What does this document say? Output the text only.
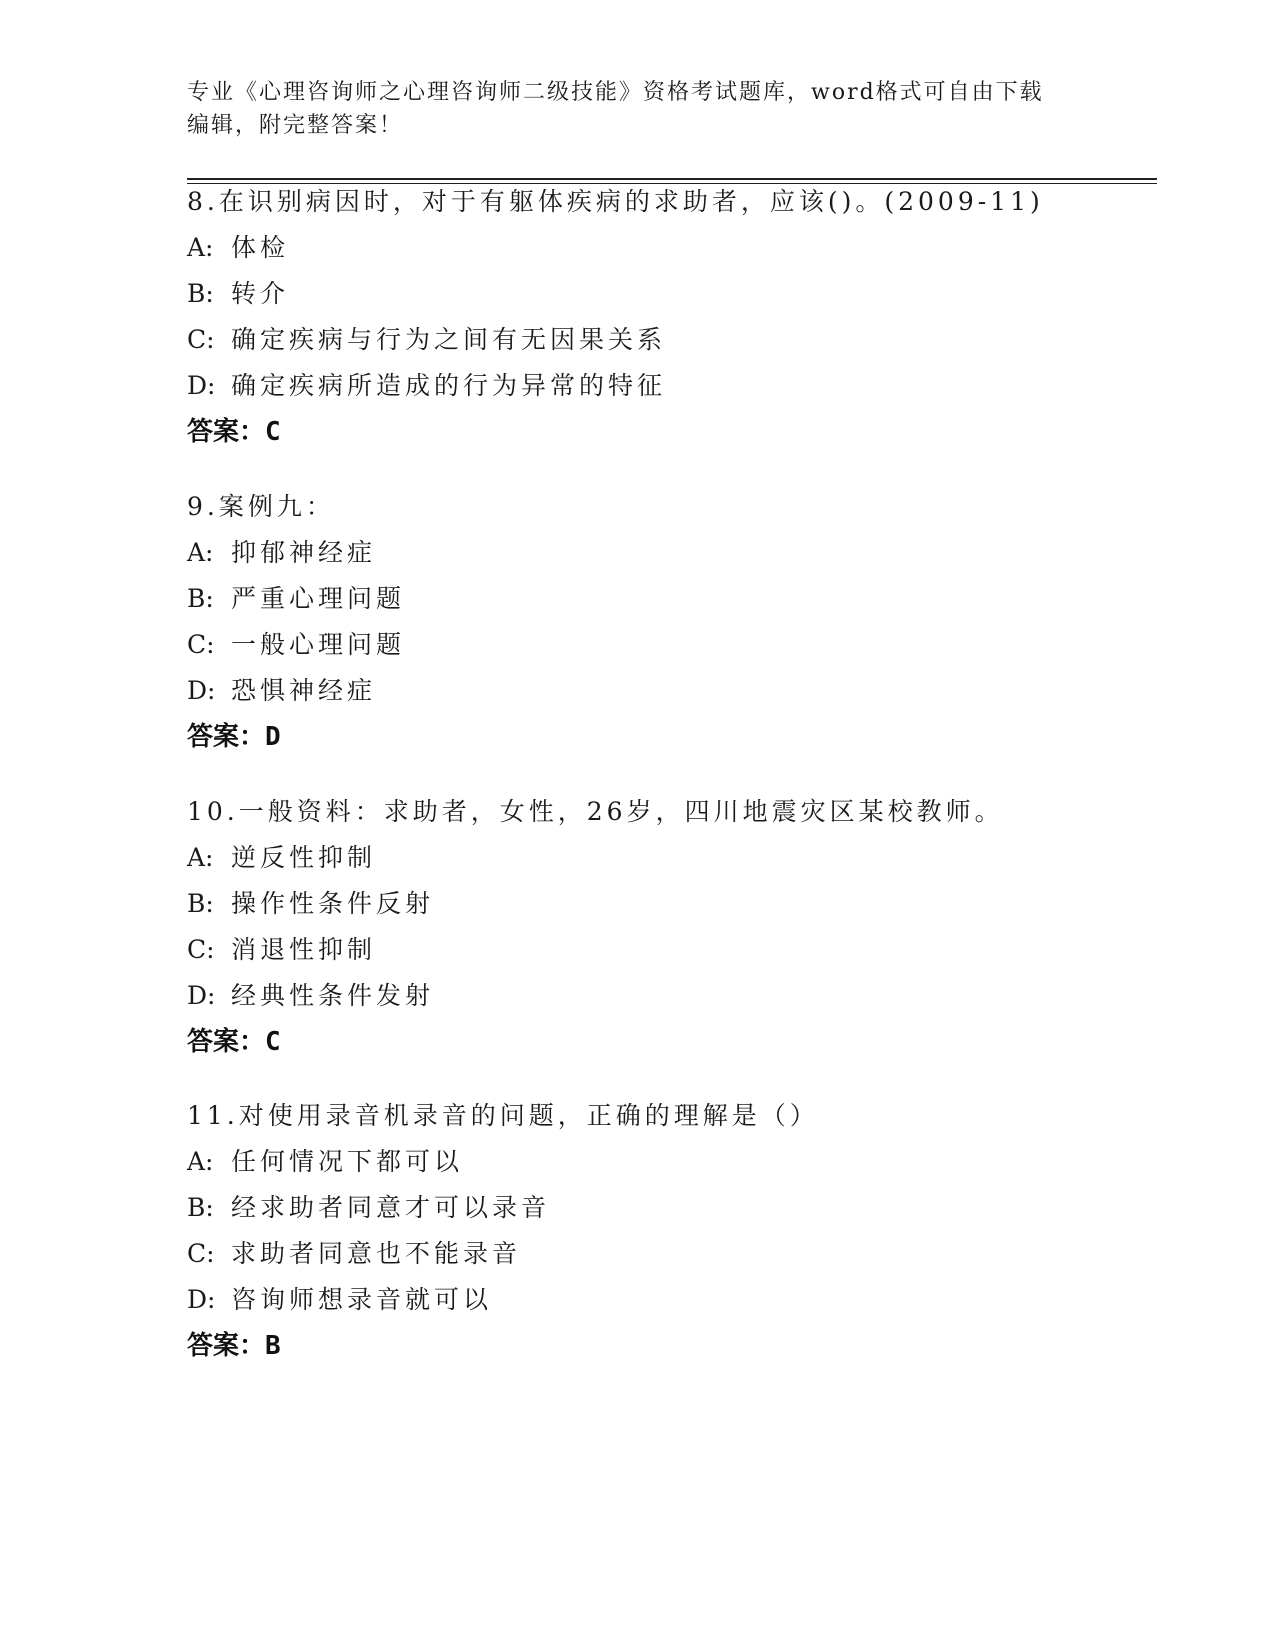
专业《心理咨询师之心理咨询师二级技能》资格考试题库，word格式可自由下载
编辑，附完整答案！
8.在识别病因时，对于有躯体疾病的求助者，应该()。(2009-11)
A: 体检
B: 转介
C: 确定疾病与行为之间有无因果关系
D: 确定疾病所造成的行为异常的特征
答案：C
9.案例九：
A: 抑郁神经症
B: 严重心理问题
C: 一般心理问题
D: 恐惧神经症
答案：D
10.一般资料：求助者，女性，26岁，四川地震灾区某校教师。
A: 逆反性抑制
B: 操作性条件反射
C: 消退性抑制
D: 经典性条件发射
答案：C
11.对使用录音机录音的问题，正确的理解是（）
A: 任何情况下都可以
B: 经求助者同意才可以录音
C: 求助者同意也不能录音
D: 咨询师想录音就可以
答案：B
